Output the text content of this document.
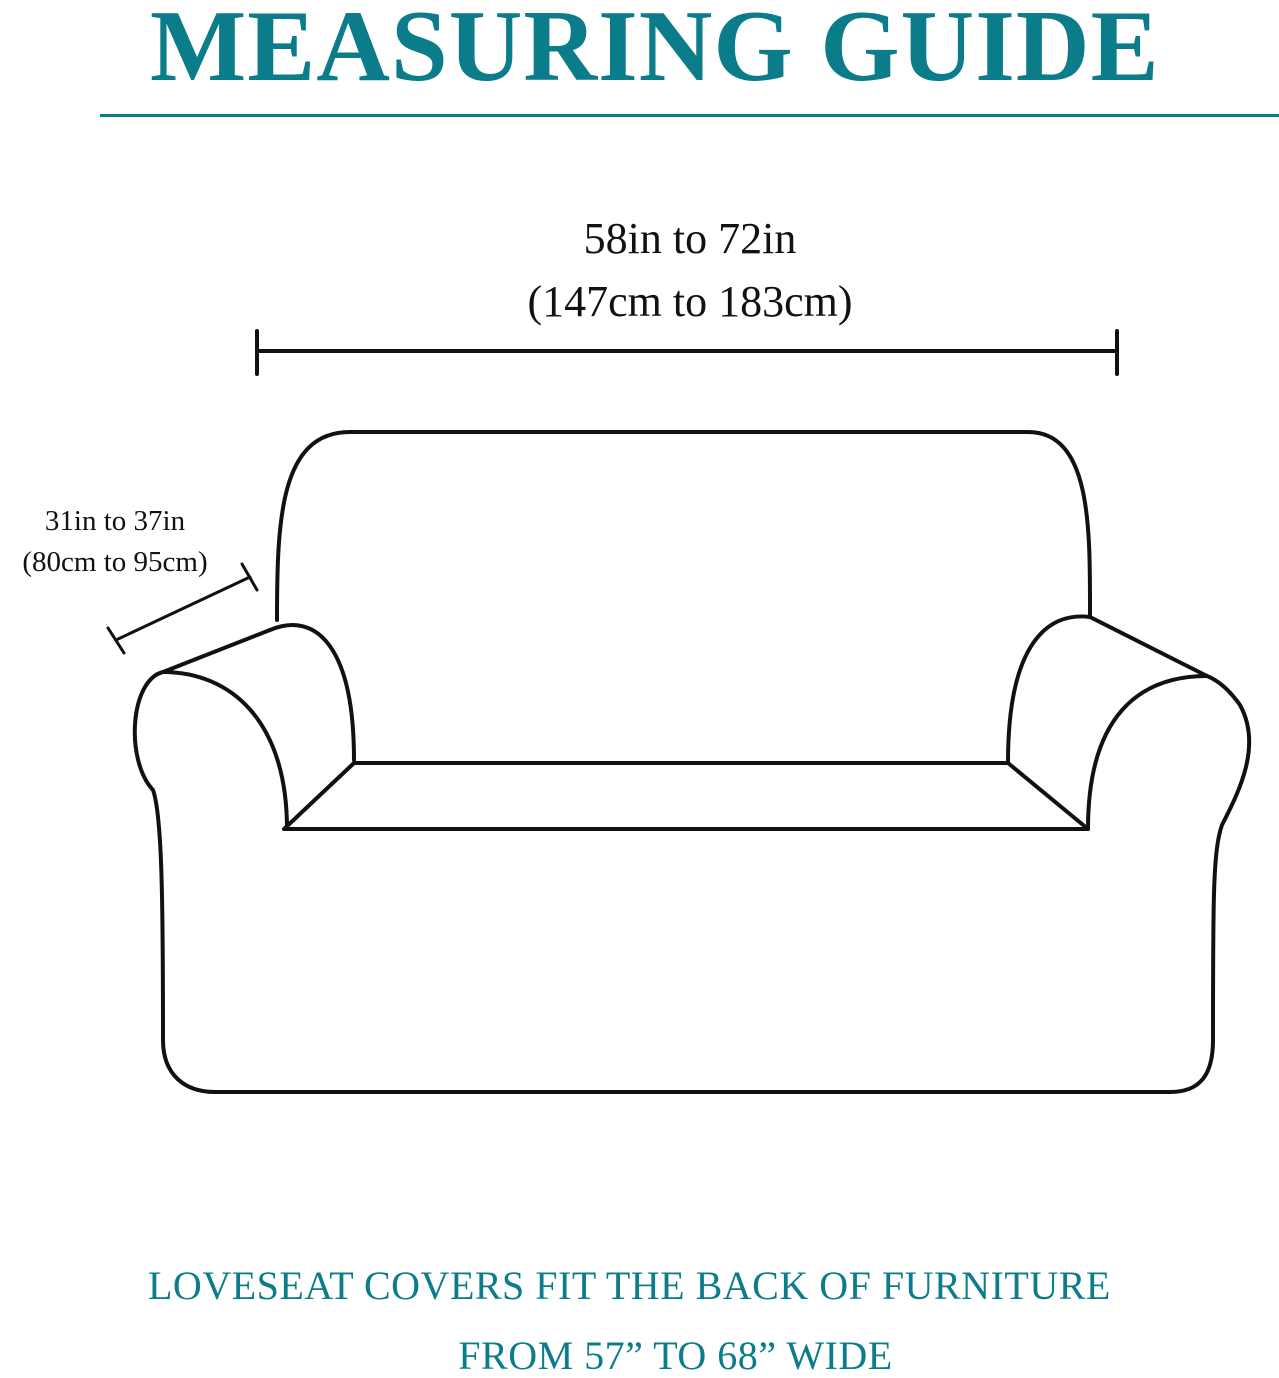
MEASURING GUIDE
58in to 72in
(147cm to 183cm)
31in to 37in
(80cm to 95cm)
LOVESEAT COVERS FIT THE BACK OF FURNITURE
FROM 57” TO 68” WIDE
